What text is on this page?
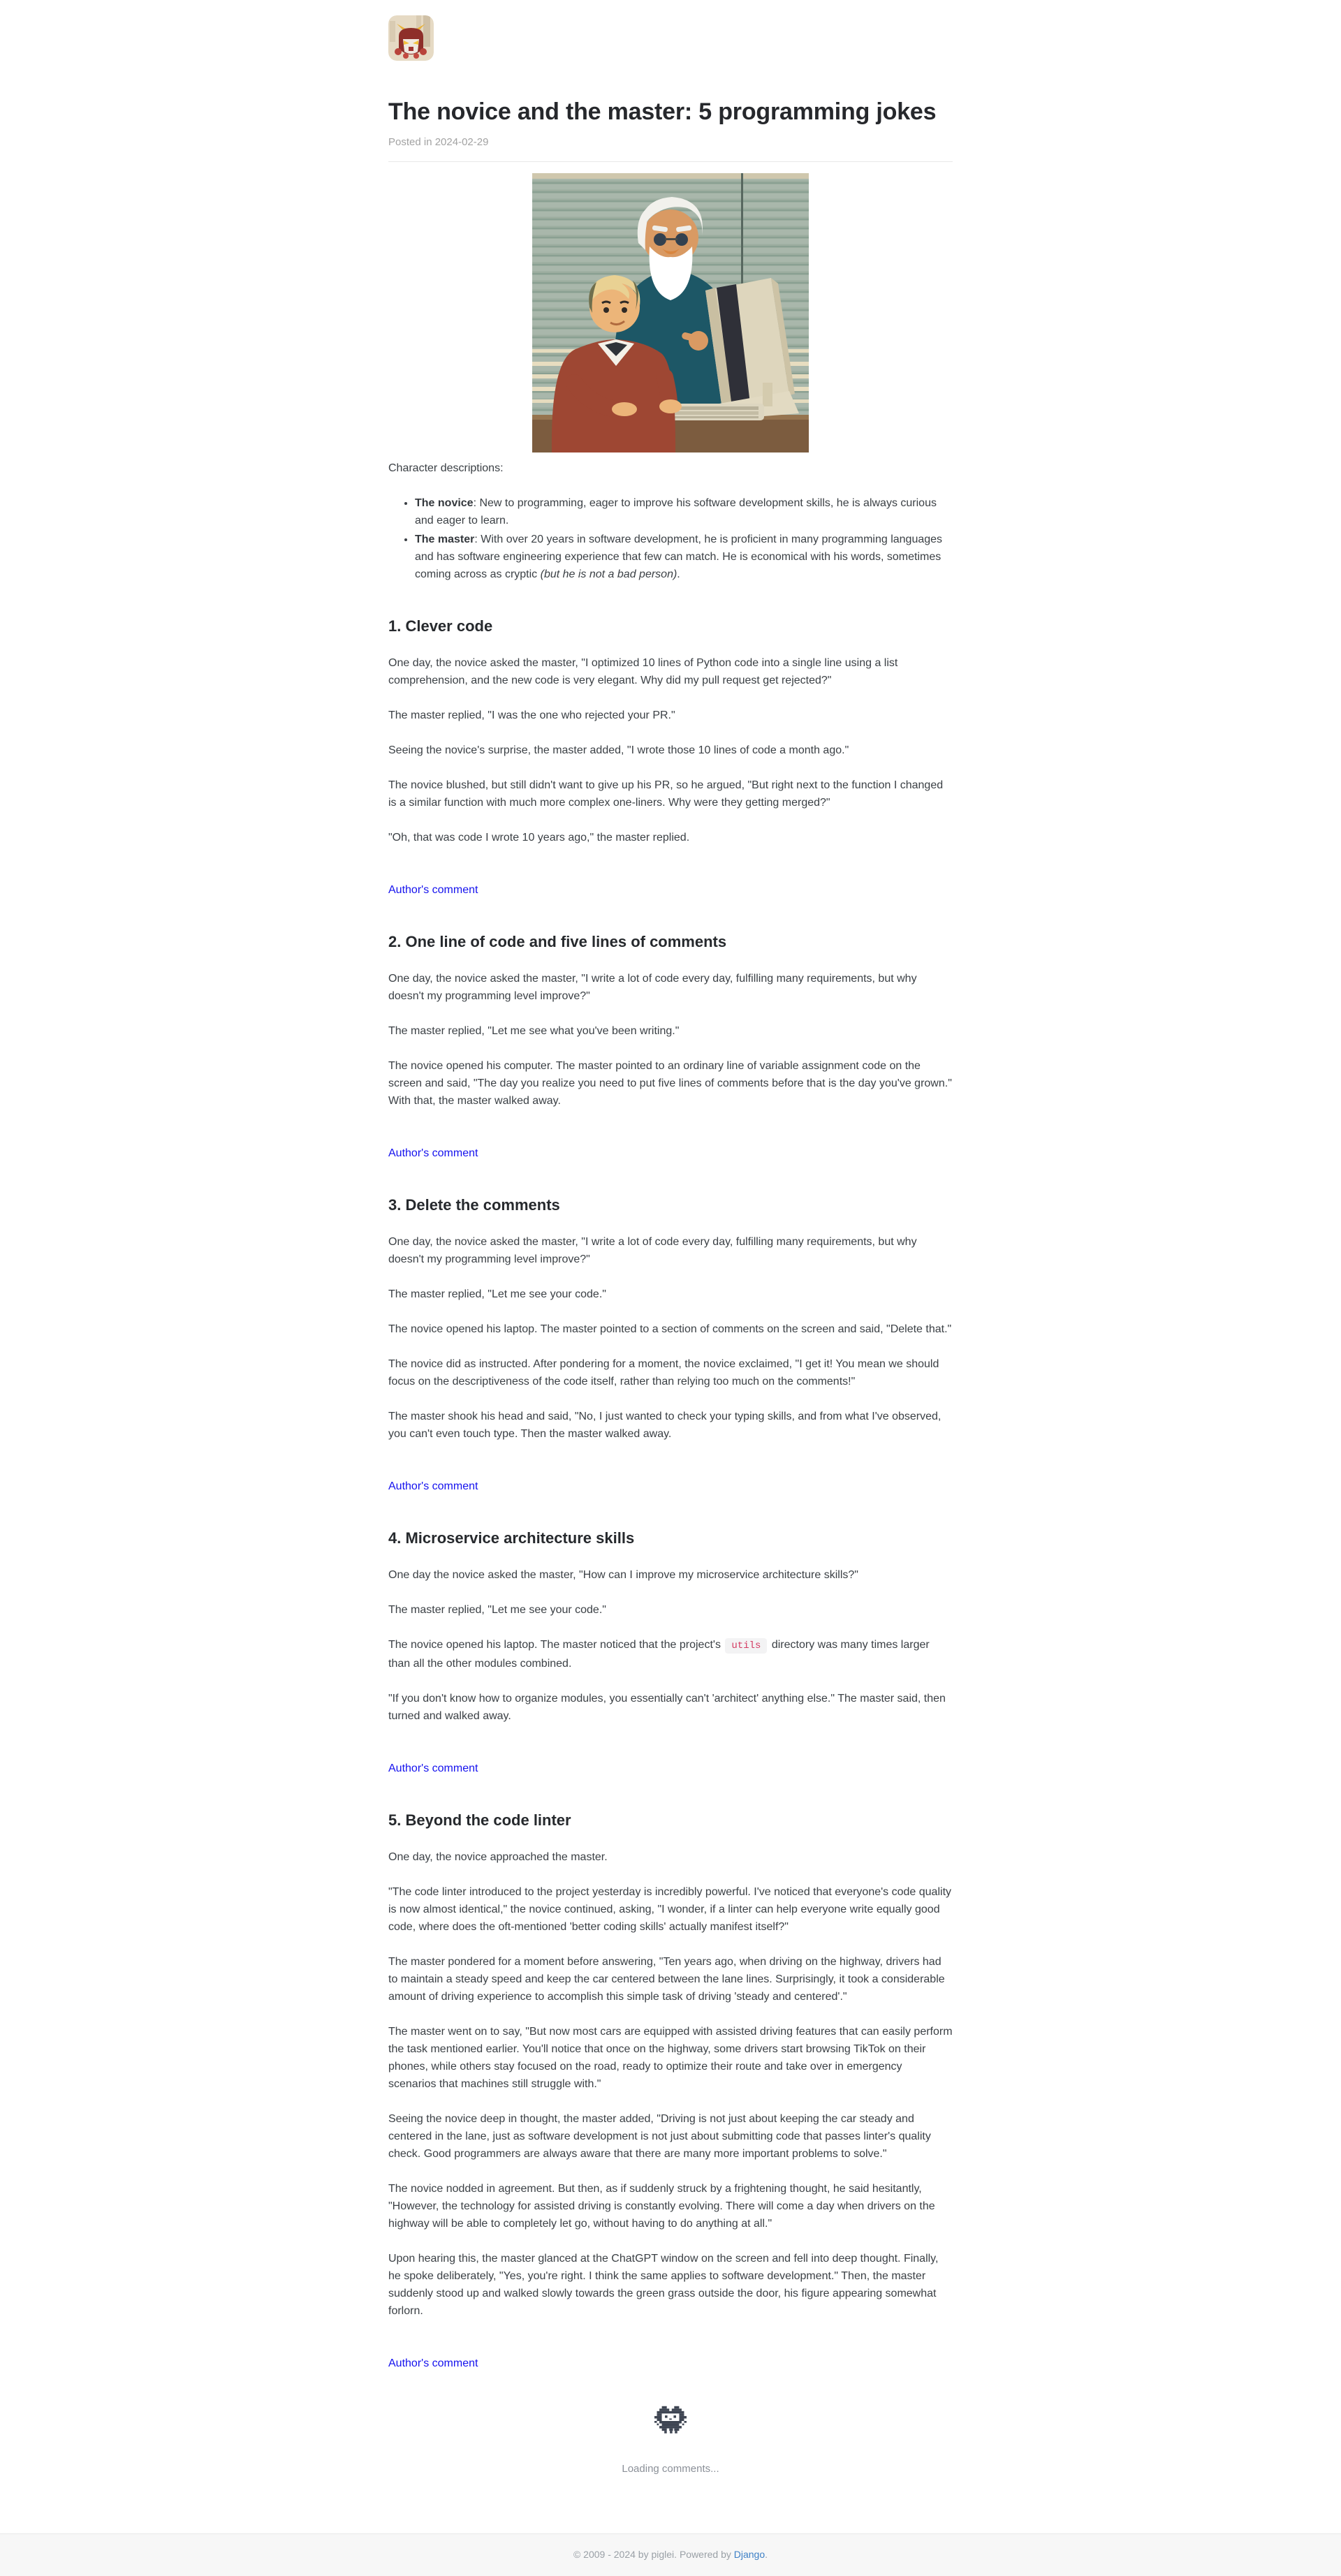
The novice and the master: 5 programming jokes
Posted in 2024-02-29

Character descriptions:

• The novice: New to programming, eager to improve his software development skills, he is always curious and eager to learn.
• The master: With over 20 years in software development, he is proficient in many programming languages and has software engineering experience that few can match. He is economical with his words, sometimes coming across as cryptic (but he is not a bad person).
1. Clever code

One day, the novice asked the master, "I optimized 10 lines of Python code into a single line using a list comprehension, and the new code is very elegant. Why did my pull request get rejected?"

The master replied, "I was the one who rejected your PR."

Seeing the novice's surprise, the master added, "I wrote those 10 lines of code a month ago."

The novice blushed, but still didn't want to give up his PR, so he argued, "But right next to the function I changed is a similar function with much more complex one-liners. Why were they getting merged?"

"Oh, that was code I wrote 10 years ago," the master replied.

Author's comment
2. One line of code and five lines of comments

One day, the novice asked the master, "I write a lot of code every day, fulfilling many requirements, but why doesn't my programming level improve?"

The master replied, "Let me see what you've been writing."

The novice opened his computer. The master pointed to an ordinary line of variable assignment code on the screen and said, "The day you realize you need to put five lines of comments before that is the day you've grown." With that, the master walked away.

Author's comment
3. Delete the comments

One day, the novice asked the master, "I write a lot of code every day, fulfilling many requirements, but why doesn't my programming level improve?"

The master replied, "Let me see your code."

The novice opened his laptop. The master pointed to a section of comments on the screen and said, "Delete that."

The novice did as instructed. After pondering for a moment, the novice exclaimed, "I get it! You mean we should focus on the descriptiveness of the code itself, rather than relying too much on the comments!"

The master shook his head and said, "No, I just wanted to check your typing skills, and from what I've observed, you can't even touch type. Then the master walked away.

Author's comment
4. Microservice architecture skills

One day the novice asked the master, "How can I improve my microservice architecture skills?"

The master replied, "Let me see your code."

The novice opened his laptop. The master noticed that the project's utils directory was many times larger than all the other modules combined.

"If you don't know how to organize modules, you essentially can't 'architect' anything else." The master said, then turned and walked away.

Author's comment
5. Beyond the code linter

One day, the novice approached the master.

"The code linter introduced to the project yesterday is incredibly powerful. I've noticed that everyone's code quality is now almost identical," the novice continued, asking, "I wonder, if a linter can help everyone write equally good code, where does the oft-mentioned 'better coding skills' actually manifest itself?"

The master pondered for a moment before answering, "Ten years ago, when driving on the highway, drivers had to maintain a steady speed and keep the car centered between the lane lines. Surprisingly, it took a considerable amount of driving experience to accomplish this simple task of driving 'steady and centered'."

The master went on to say, "But now most cars are equipped with assisted driving features that can easily perform the task mentioned earlier. You'll notice that once on the highway, some drivers start browsing TikTok on their phones, while others stay focused on the road, ready to optimize their route and take over in emergency scenarios that machines still struggle with."

Seeing the novice deep in thought, the master added, "Driving is not just about keeping the car steady and centered in the lane, just as software development is not just about submitting code that passes linter's quality check. Good programmers are always aware that there are many more important problems to solve."

The novice nodded in agreement. But then, as if suddenly struck by a frightening thought, he said hesitantly, "However, the technology for assisted driving is constantly evolving. There will come a day when drivers on the highway will be able to completely let go, without having to do anything at all."

Upon hearing this, the master glanced at the ChatGPT window on the screen and fell into deep thought. Finally, he spoke deliberately, "Yes, you're right. I think the same applies to software development." Then, the master suddenly stood up and walked slowly towards the green grass outside the door, his figure appearing somewhat forlorn.

Author's comment
Loading comments...

© 2009 - 2024 by piglei. Powered by Django.
